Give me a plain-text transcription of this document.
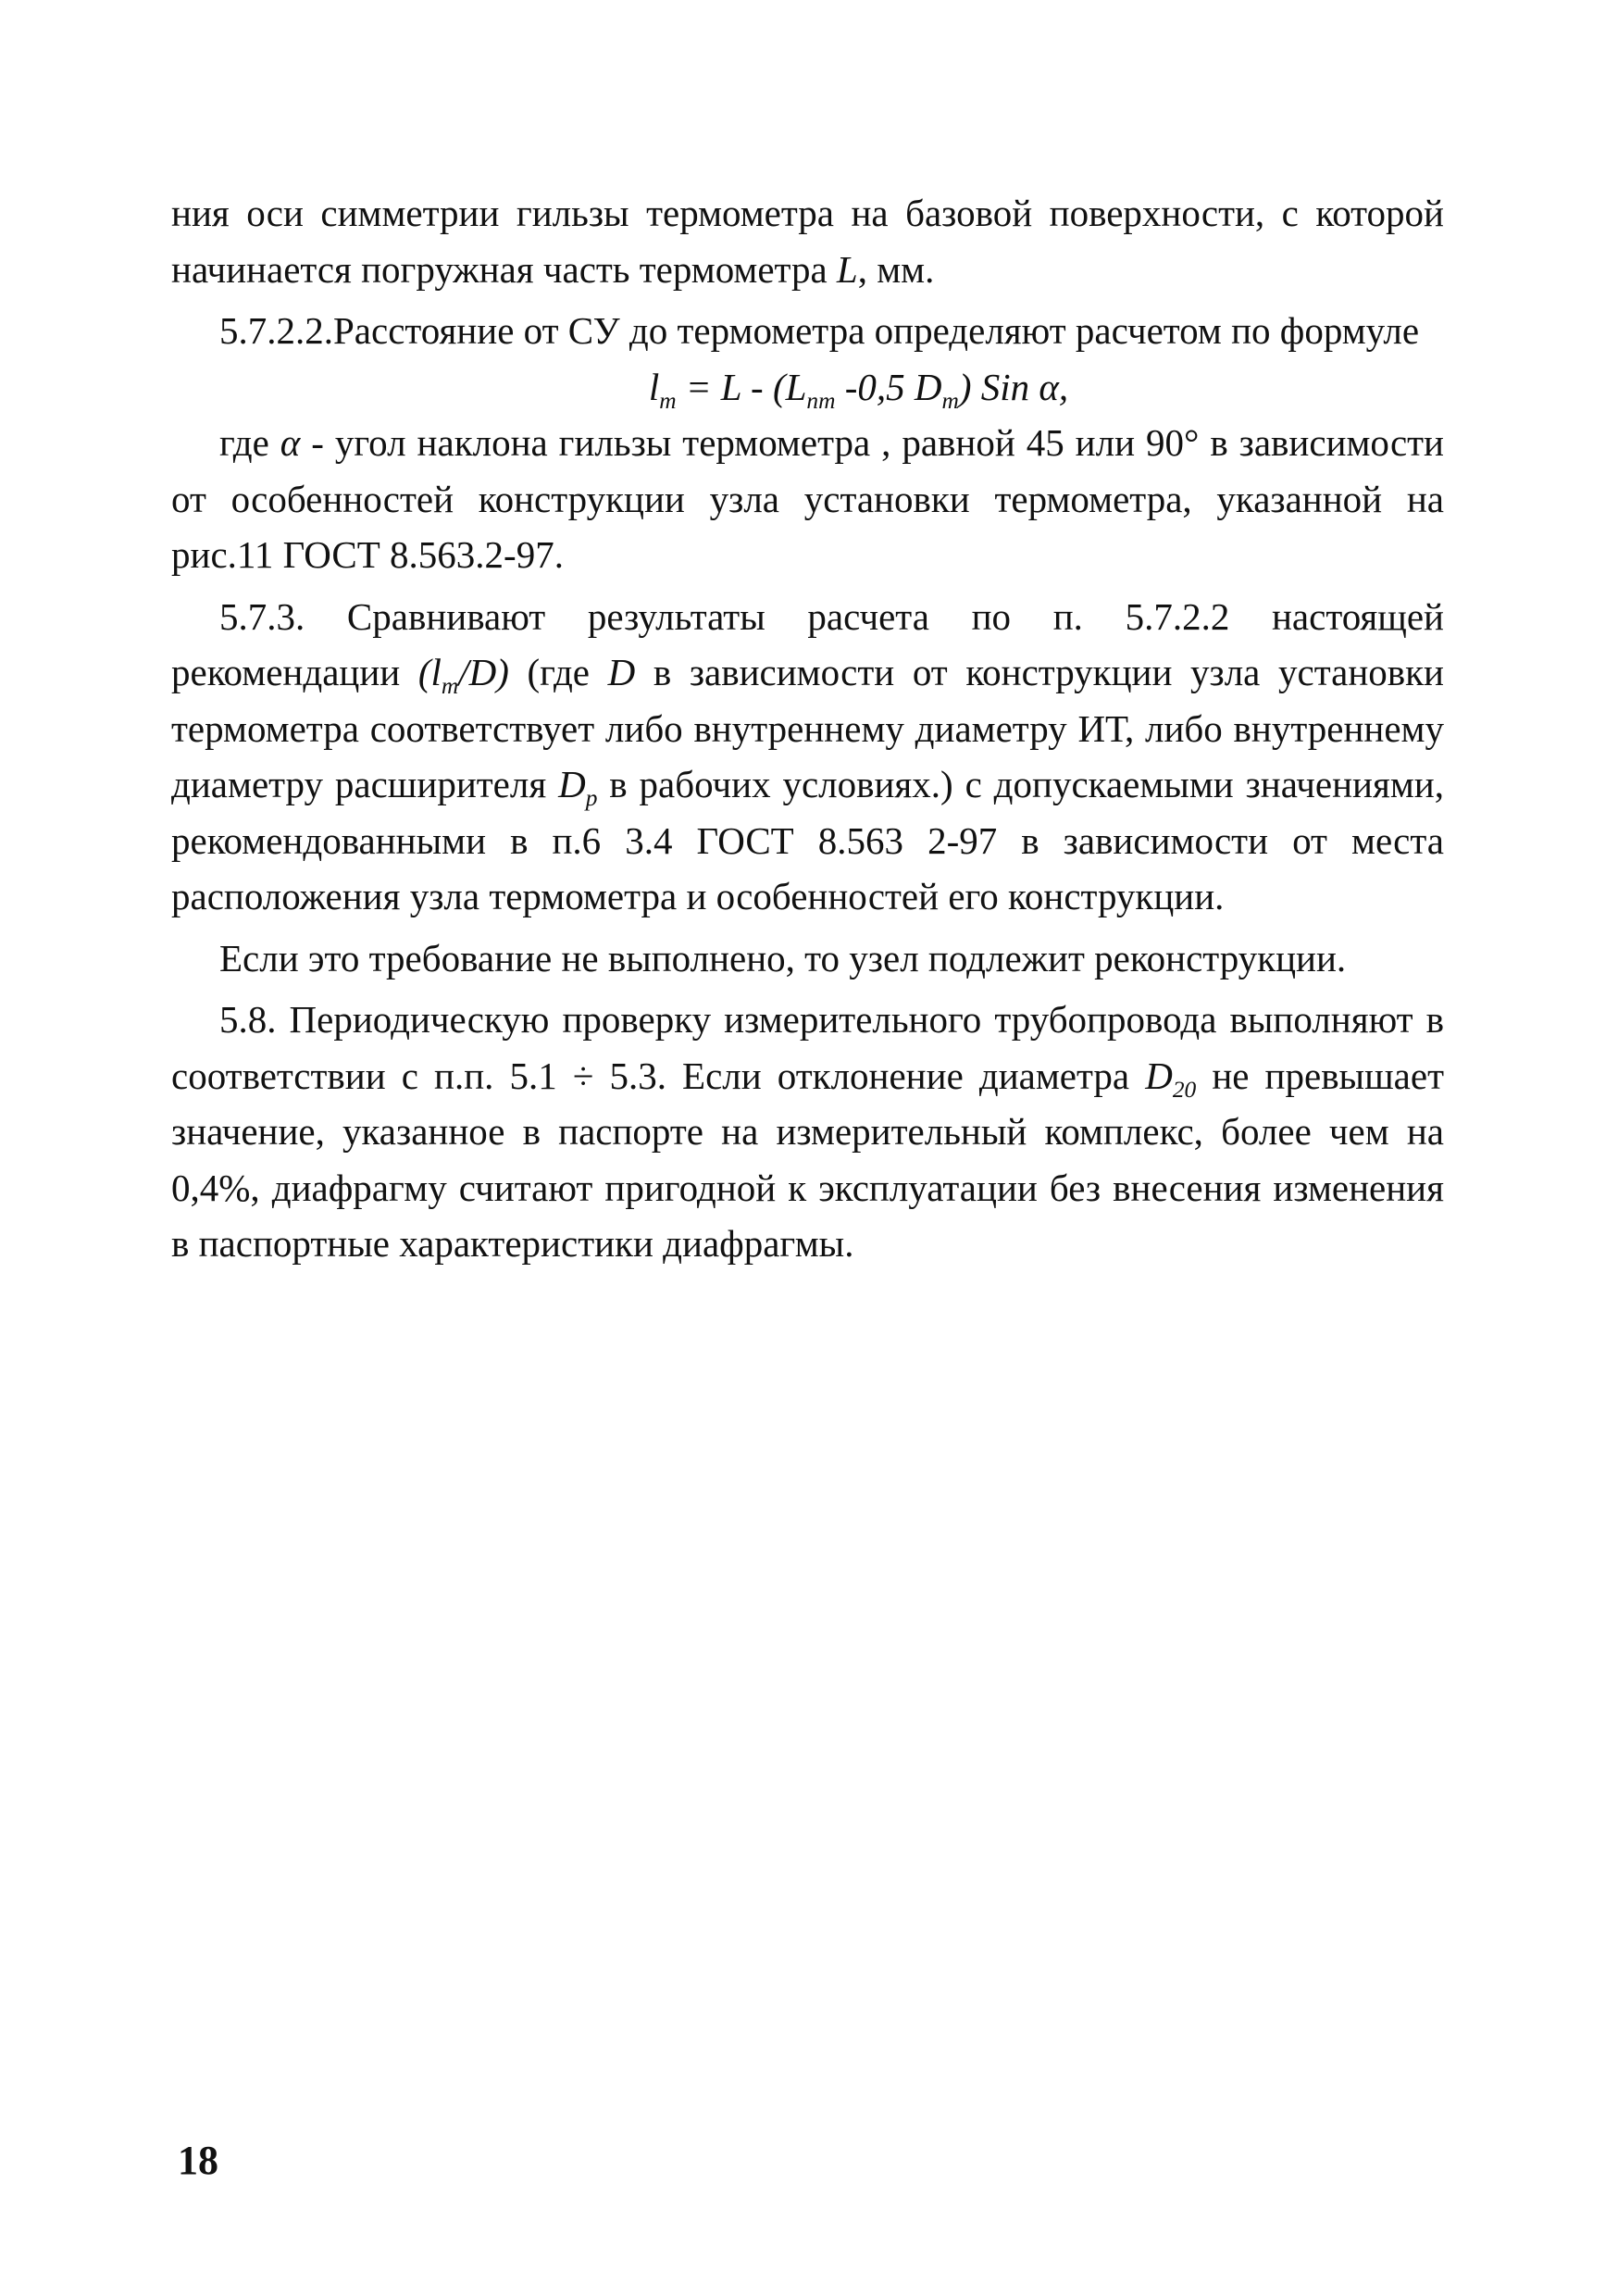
ния оси симметрии гильзы термометра на базовой поверхности, с которой начинается погружная часть термометра L, мм.

5.7.2.2.Расстояние от СУ до термометра определяют расчетом по формуле

$l_т = L - (L_{пт}$ -0,5 $D_т$) Sin α,

где α - угол наклона гильзы термометра , равной 45 или 90° в зависимости от особенностей конструкции узла установки термометра, указанной на рис.11 ГОСТ 8.563.2-97.

5.7.3. Сравнивают результаты расчета по п. 5.7.2.2 настоящей рекомендации $(l_т/D)$ (где D в зависимости от конструкции узла установки термометра соответствует либо внутреннему диаметру ИТ, либо внутреннему диаметру расширителя $D_р$ в рабочих условиях.) с допускаемыми значениями, рекомендованными в п.6 3.4 ГОСТ 8.563 2-97 в зависимости от места расположения узла термометра и особенностей его конструкции.

Если это требование не выполнено, то узел подлежит реконструкции.

5.8. Периодическую проверку измерительного трубопровода выполняют в соответствии с п.п. 5.1 ÷ 5.3. Если отклонение диаметра $D_{20}$ не превышает значение, указанное в паспорте на измерительный комплекс, более чем на 0,4%, диафрагму считают пригодной к эксплуатации без внесения изменения в паспортные характеристики диафрагмы.

18
